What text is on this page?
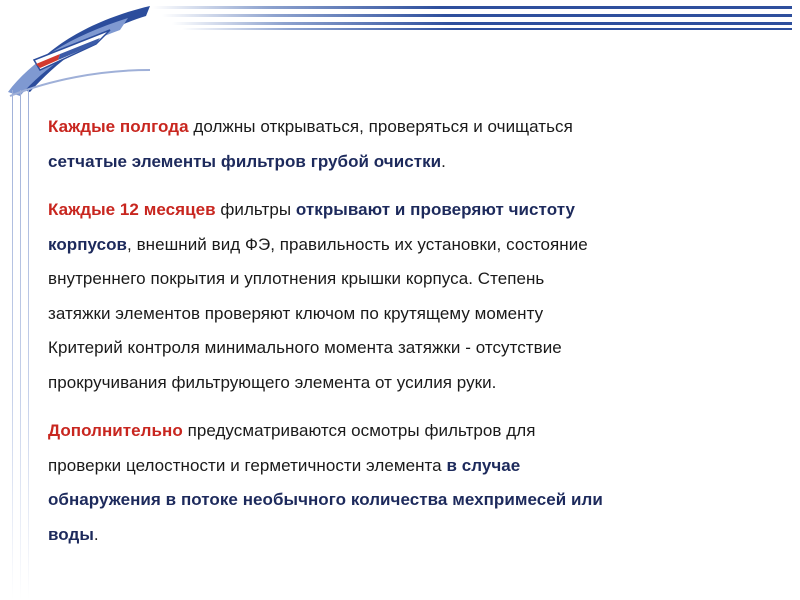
Каждые полгода должны открываться, проверяться и очищаться
сетчатые элементы фильтров грубой очистки.

Каждые 12 месяцев фильтры открывают и проверяют чистоту
корпусов, внешний вид ФЭ, правильность их установки, состояние
внутреннего покрытия и уплотнения крышки корпуса. Степень
затяжки элементов проверяют ключом по крутящему моменту
Критерий контроля минимального момента затяжки - отсутствие
прокручивания фильтрующего элемента от усилия руки.

Дополнительно предусматриваются осмотры фильтров для
проверки целостности и герметичности элемента в случае
обнаружения в потоке необычного количества мехпримесей или
воды.
